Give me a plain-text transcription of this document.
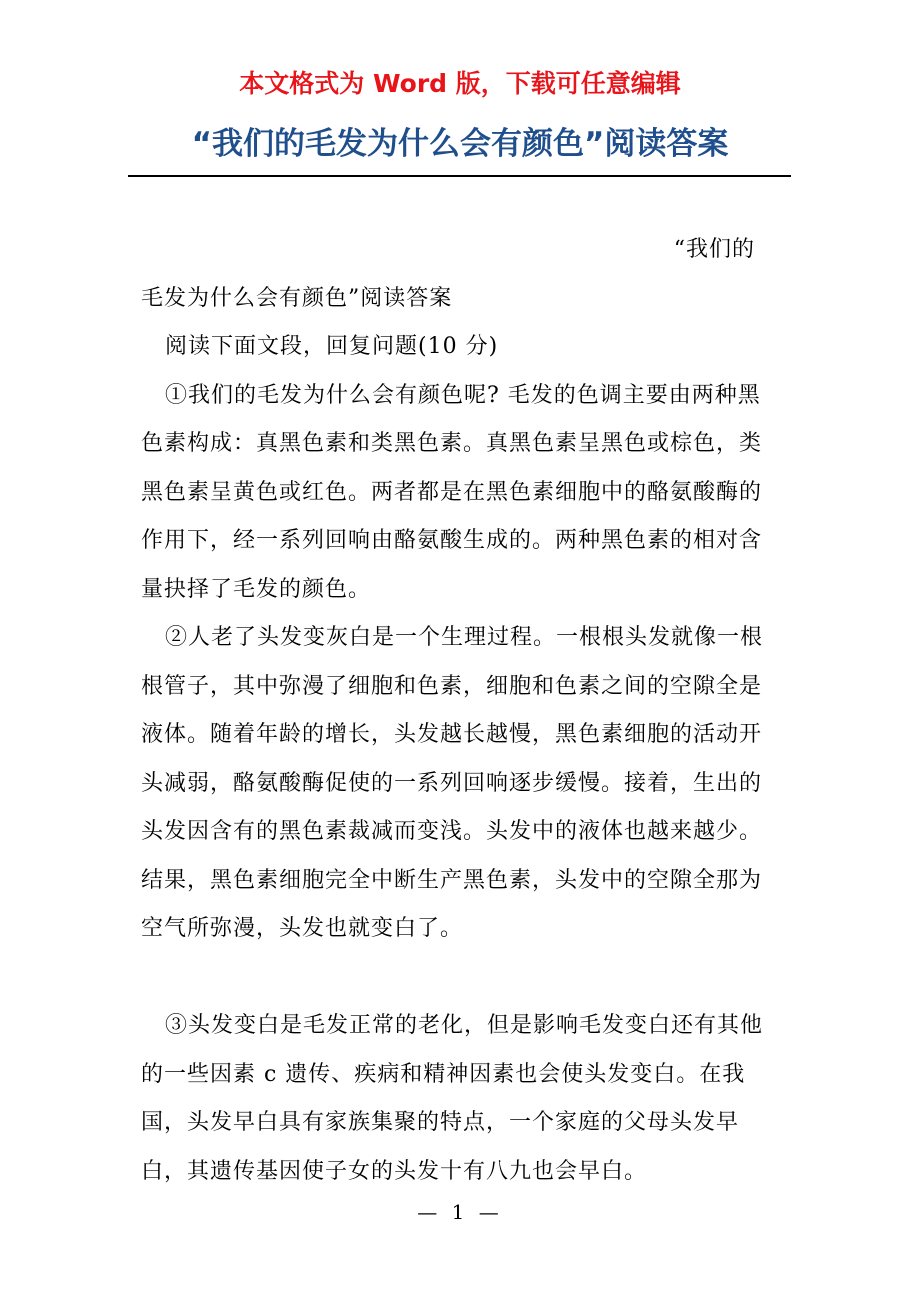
本文格式为 Word 版，下载可任意编辑
“我们的毛发为什么会有颜色”阅读答案

“我们的

毛发为什么会有颜色”阅读答案

阅读下面文段，回复问题(10 分)

①我们的毛发为什么会有颜色呢? 毛发的色调主要由两种黑色素构成：真黑色素和类黑色素。真黑色素呈黑色或棕色，类黑色素呈黄色或红色。两者都是在黑色素细胞中的酪氨酸酶的作用下，经一系列回响由酪氨酸生成的。两种黑色素的相对含量抉择了毛发的颜色。

②人老了头发变灰白是一个生理过程。一根根头发就像一根根管子，其中弥漫了细胞和色素，细胞和色素之间的空隙全是液体。随着年龄的增长，头发越长越慢，黑色素细胞的活动开头减弱，酪氨酸酶促使的一系列回响逐步缓慢。接着，生出的头发因含有的黑色素裁减而变浅。头发中的液体也越来越少。结果，黑色素细胞完全中断生产黑色素，头发中的空隙全那为空气所弥漫，头发也就变白了。

③头发变白是毛发正常的老化，但是影响毛发变白还有其他的一些因素 c 遗传、疾病和精神因素也会使头发变白。在我国，头发早白具有家族集聚的特点，一个家庭的父母头发早白，其遗传基因使子女的头发十有八九也会早白。

— 1 —
